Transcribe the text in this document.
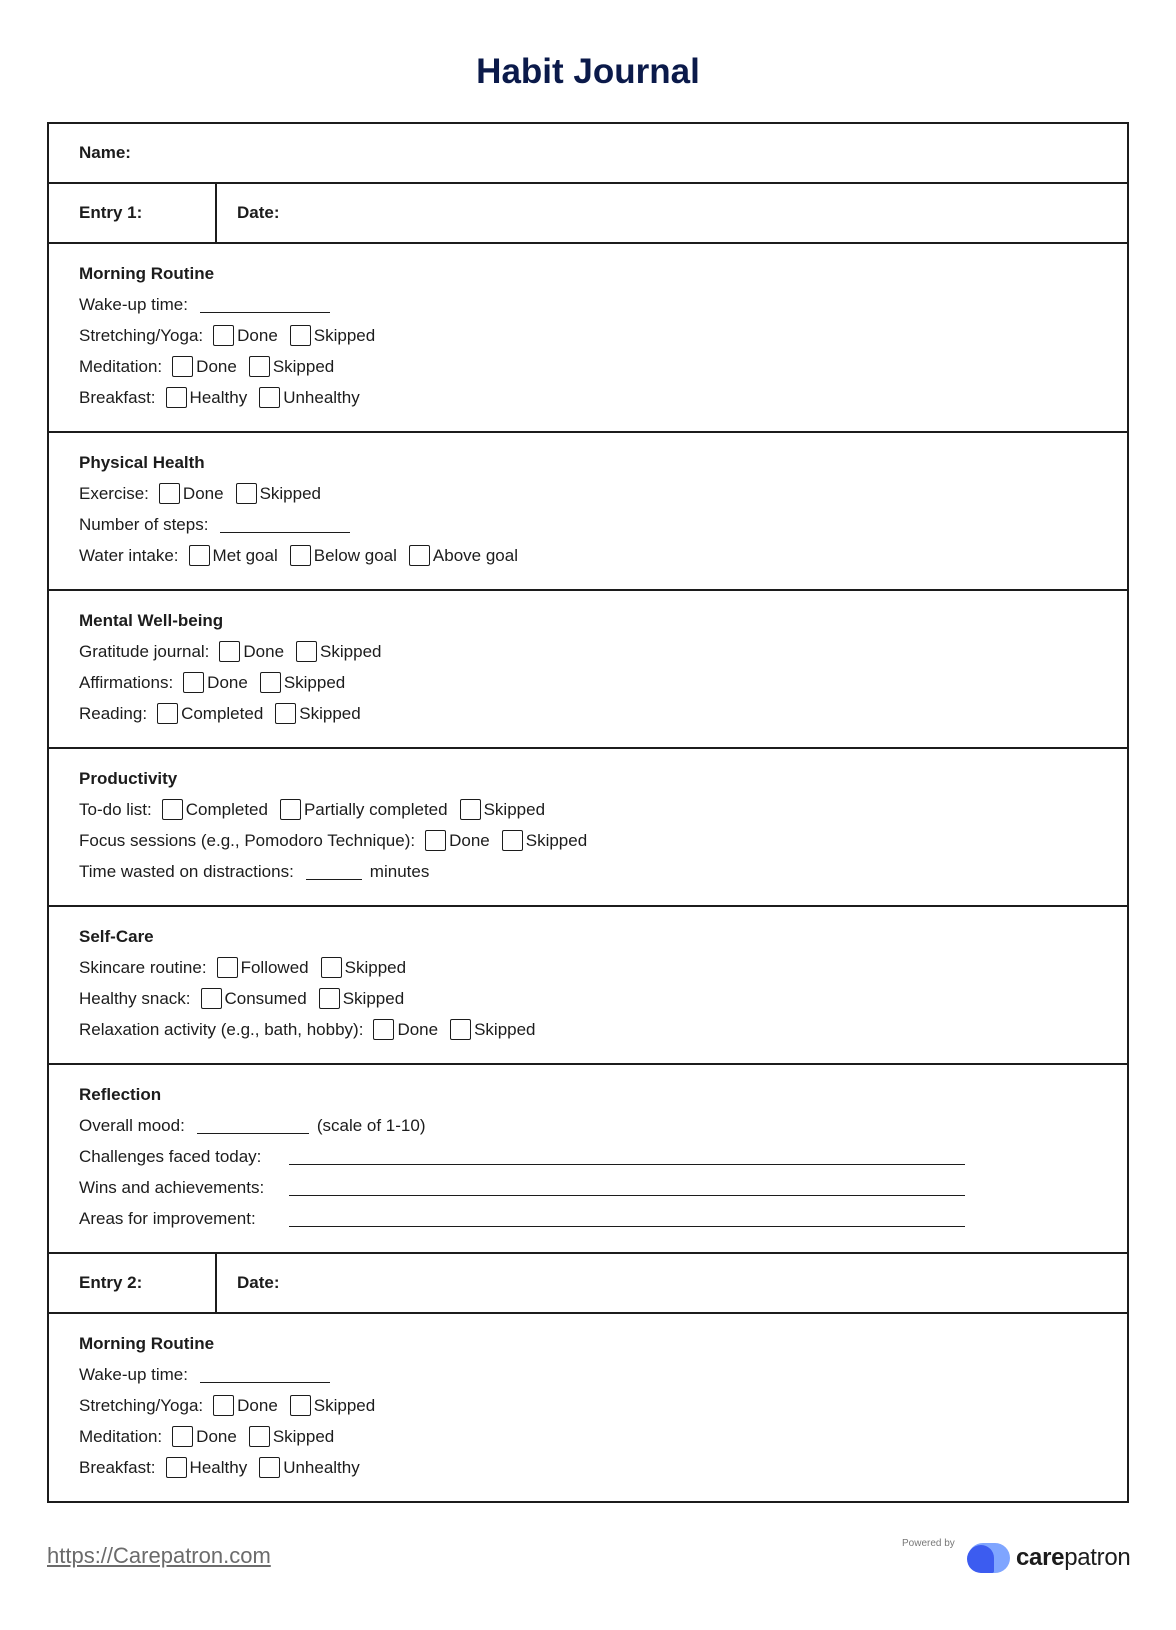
Habit Journal
Name:
Entry 1:	Date:
Morning Routine
Wake-up time:
Stretching/Yoga: Done Skipped
Meditation: Done Skipped
Breakfast: Healthy Unhealthy
Physical Health
Exercise: Done Skipped
Number of steps:
Water intake: Met goal Below goal Above goal
Mental Well-being
Gratitude journal: Done Skipped
Affirmations: Done Skipped
Reading: Completed Skipped
Productivity
To-do list: Completed Partially completed Skipped
Focus sessions (e.g., Pomodoro Technique): Done Skipped
Time wasted on distractions:	minutes
Self-Care
Skincare routine: Followed Skipped
Healthy snack: Consumed Skipped
Relaxation activity (e.g., bath, hobby): Done Skipped
Reflection
Overall mood:	(scale of 1-10)
Challenges faced today:
Wins and achievements:
Areas for improvement:
Entry 2:	Date:
Morning Routine
Wake-up time:
Stretching/Yoga: Done Skipped
Meditation: Done Skipped
Breakfast: Healthy Unhealthy
https://Carepatron.com	Powered by
carepatron
